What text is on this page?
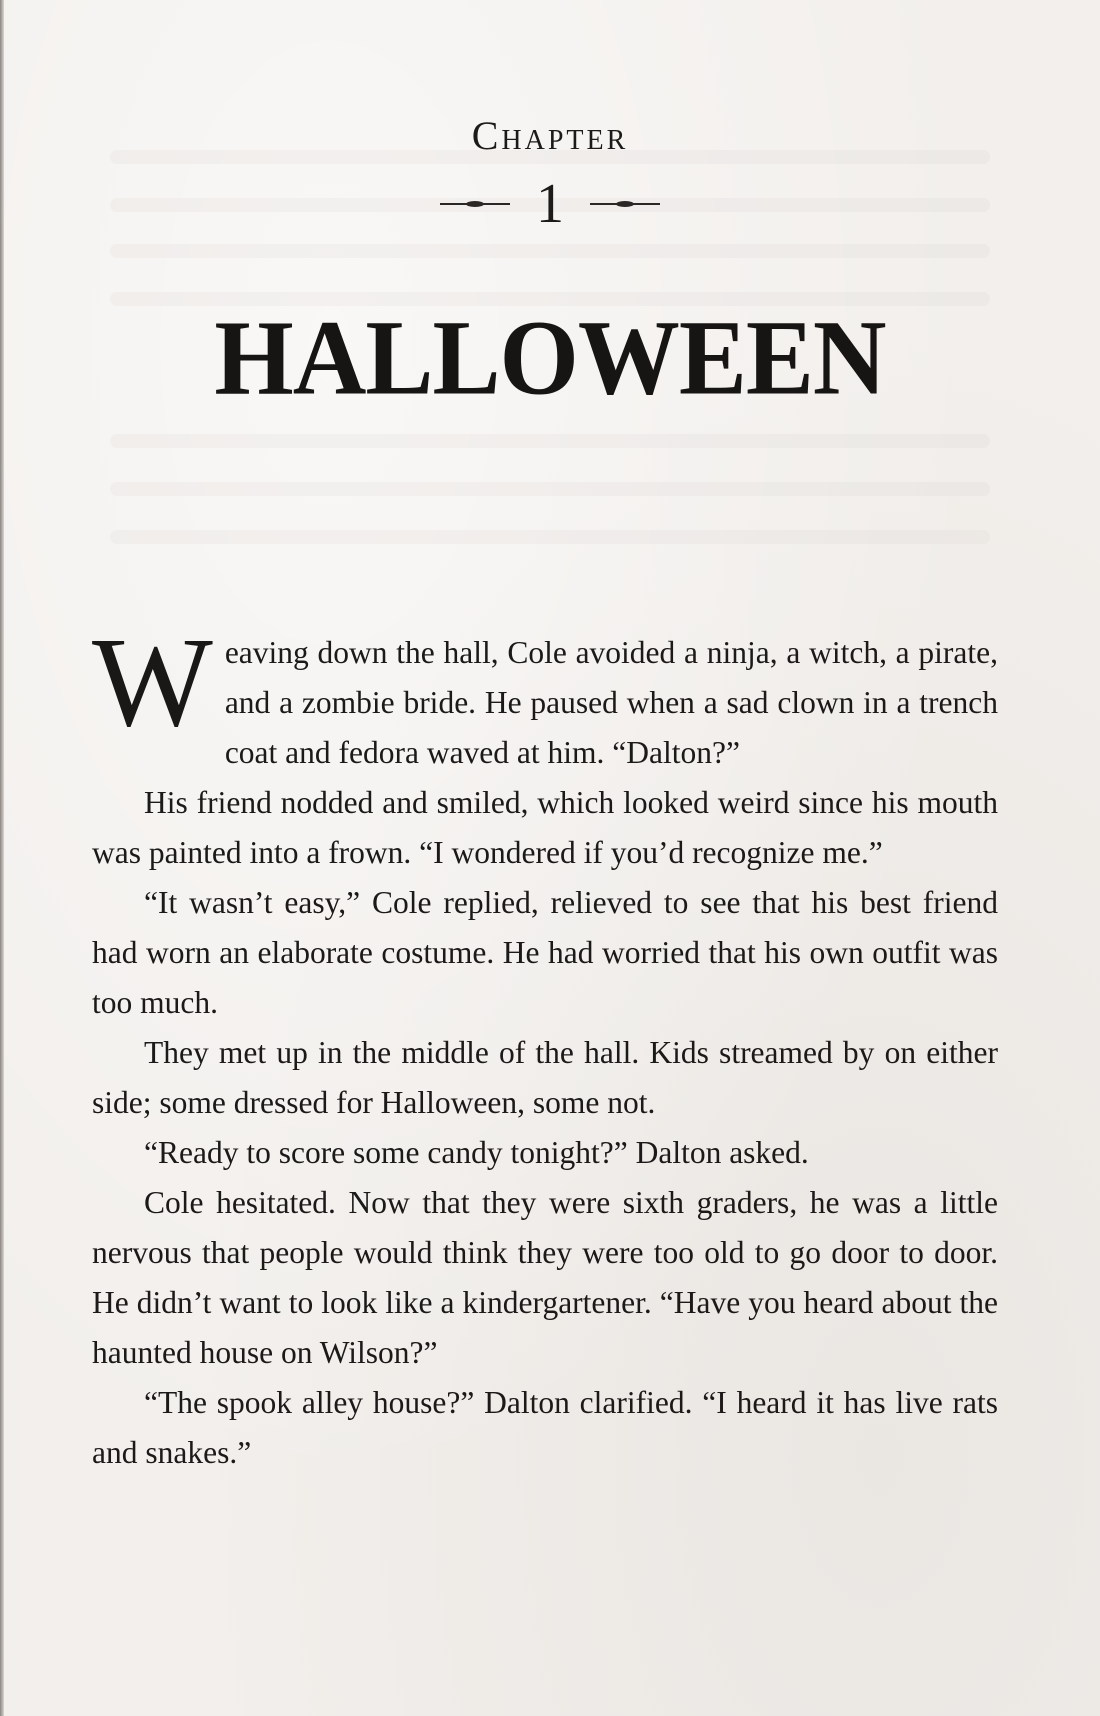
Chapter
1
HALLOWEEN

Weaving down the hall, Cole avoided a ninja, a witch, a pirate, and a zombie bride. He paused when a sad clown in a trench coat and fedora waved at him. “Dalton?”

His friend nodded and smiled, which looked weird since his mouth was painted into a frown. “I wondered if you’d recognize me.”

“It wasn’t easy,” Cole replied, relieved to see that his best friend had worn an elaborate costume. He had worried that his own outfit was too much.

They met up in the middle of the hall. Kids streamed by on either side; some dressed for Halloween, some not.

“Ready to score some candy tonight?” Dalton asked.

Cole hesitated. Now that they were sixth graders, he was a little nervous that people would think they were too old to go door to door. He didn’t want to look like a kindergartener. “Have you heard about the haunted house on Wilson?”

“The spook alley house?” Dalton clarified. “I heard it has live rats and snakes.”
